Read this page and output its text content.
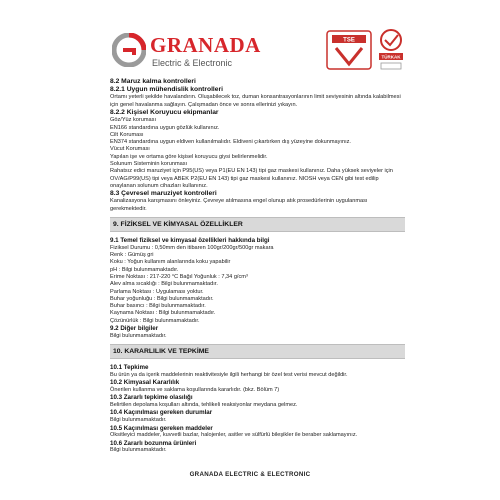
GRANADA
Electric & Electronic
TSE
TÜRKAK
8.2 Maruz kalma kontrolleri
8.2.1 Uygun mühendislik kontrolleri
Ortamı yeterli şekilde havalandırın. Oluşabilecek toz, duman konsantrasyonlarının limit seviyesinin altında kalabilmesi için genel havalanma sağlayın. Çalışmadan önce ve sonra ellerinizi yıkayın.
8.2.2 Kişisel Koruyucu ekipmanlar
Göz/Yüz koruması
EN166 standardına uygun gözlük kullanınız.
Cilt Koruması
EN374 standardına uygun eldiven kullanılmalıdır. Eldiveni çıkartırken dış yüzeyine dokunmayınız.
Vücut Koruması
Yapılan işe ve ortama göre kişisel koruyucu giysi belirlenmelidir.
Solunum Sisteminin korunması
Rahatsız edici maruziyet için P95(US) veya P1(EU EN 143) tipi gaz maskesi kullanınız. Daha yüksek seviyeler için OV/AG/P99(US) tipi veya ABEK P2(EU EN 143) tipi gaz maskesi kullanınız. NIOSH veya CEN gibi test edilip onaylanan solunum cihazları kullanınız.
8.3 Çevresel maruziyet kontrolleri
Kanalizasyona karışmasını önleyiniz. Çevreye atılmasına engel olunup atık prosedürlerinin uygulanması gerekmektedir.
9. FİZİKSEL VE KİMYASAL ÖZELLİKLER
9.1 Temel fiziksel ve kimyasal özellikleri hakkında bilgi
Fiziksel Durumu : 0,50mm den itibaren 100gr/200gr/500gr makara
Renk : Gümüş gri
Koku : Yoğun kullanım alanlarında koku yapabilir
pH : Bilgi bulunmamaktadır.
Erime Noktası : 217-220 °C Bağıl Yoğunluk : 7,34 g/cm³
Alev alma sıcaklığı : Bilgi bulunmamaktadır.
Parlama Noktası : Uygulaması yoktur.
Buhar yoğunluğu : Bilgi bulunmamaktadır.
Buhar basıncı : Bilgi bulunmamaktadır.
Kaynama Noktası : Bilgi bulunmamaktadır.
Çözünürlük : Bilgi bulunmamaktadır.
9.2 Diğer bilgiler
Bilgi bulunmamaktadır.
10. KARARLILIK VE TEPKİME
10.1 Tepkime
Bu ürün ya da içerik maddelerinin reaktivitesiyle ilgili herhangi bir özel test verisi mevcut değildir.
10.2 Kimyasal Kararlılık
Önerilen kullanma ve saklama koşullarında kararlıdır. (bkz. Bölüm 7)
10.3 Zararlı tepkime olasılığı
Belirtilen depolama koşulları altında, tehlikeli reaksiyonlar meydana gelmez.
10.4 Kaçınılması gereken durumlar
Bilgi bulunmamaktadır.
10.5 Kaçınılması gereken maddeler
Oksitleyici maddeler, kuvvetli bazlar, halojenler, asitler ve sülfürlü bileşikler ile beraber saklamayınız.
10.6 Zararlı bozunma ürünleri
Bilgi bulunmamaktadır.
GRANADA ELECTRIC & ELECTRONIC
